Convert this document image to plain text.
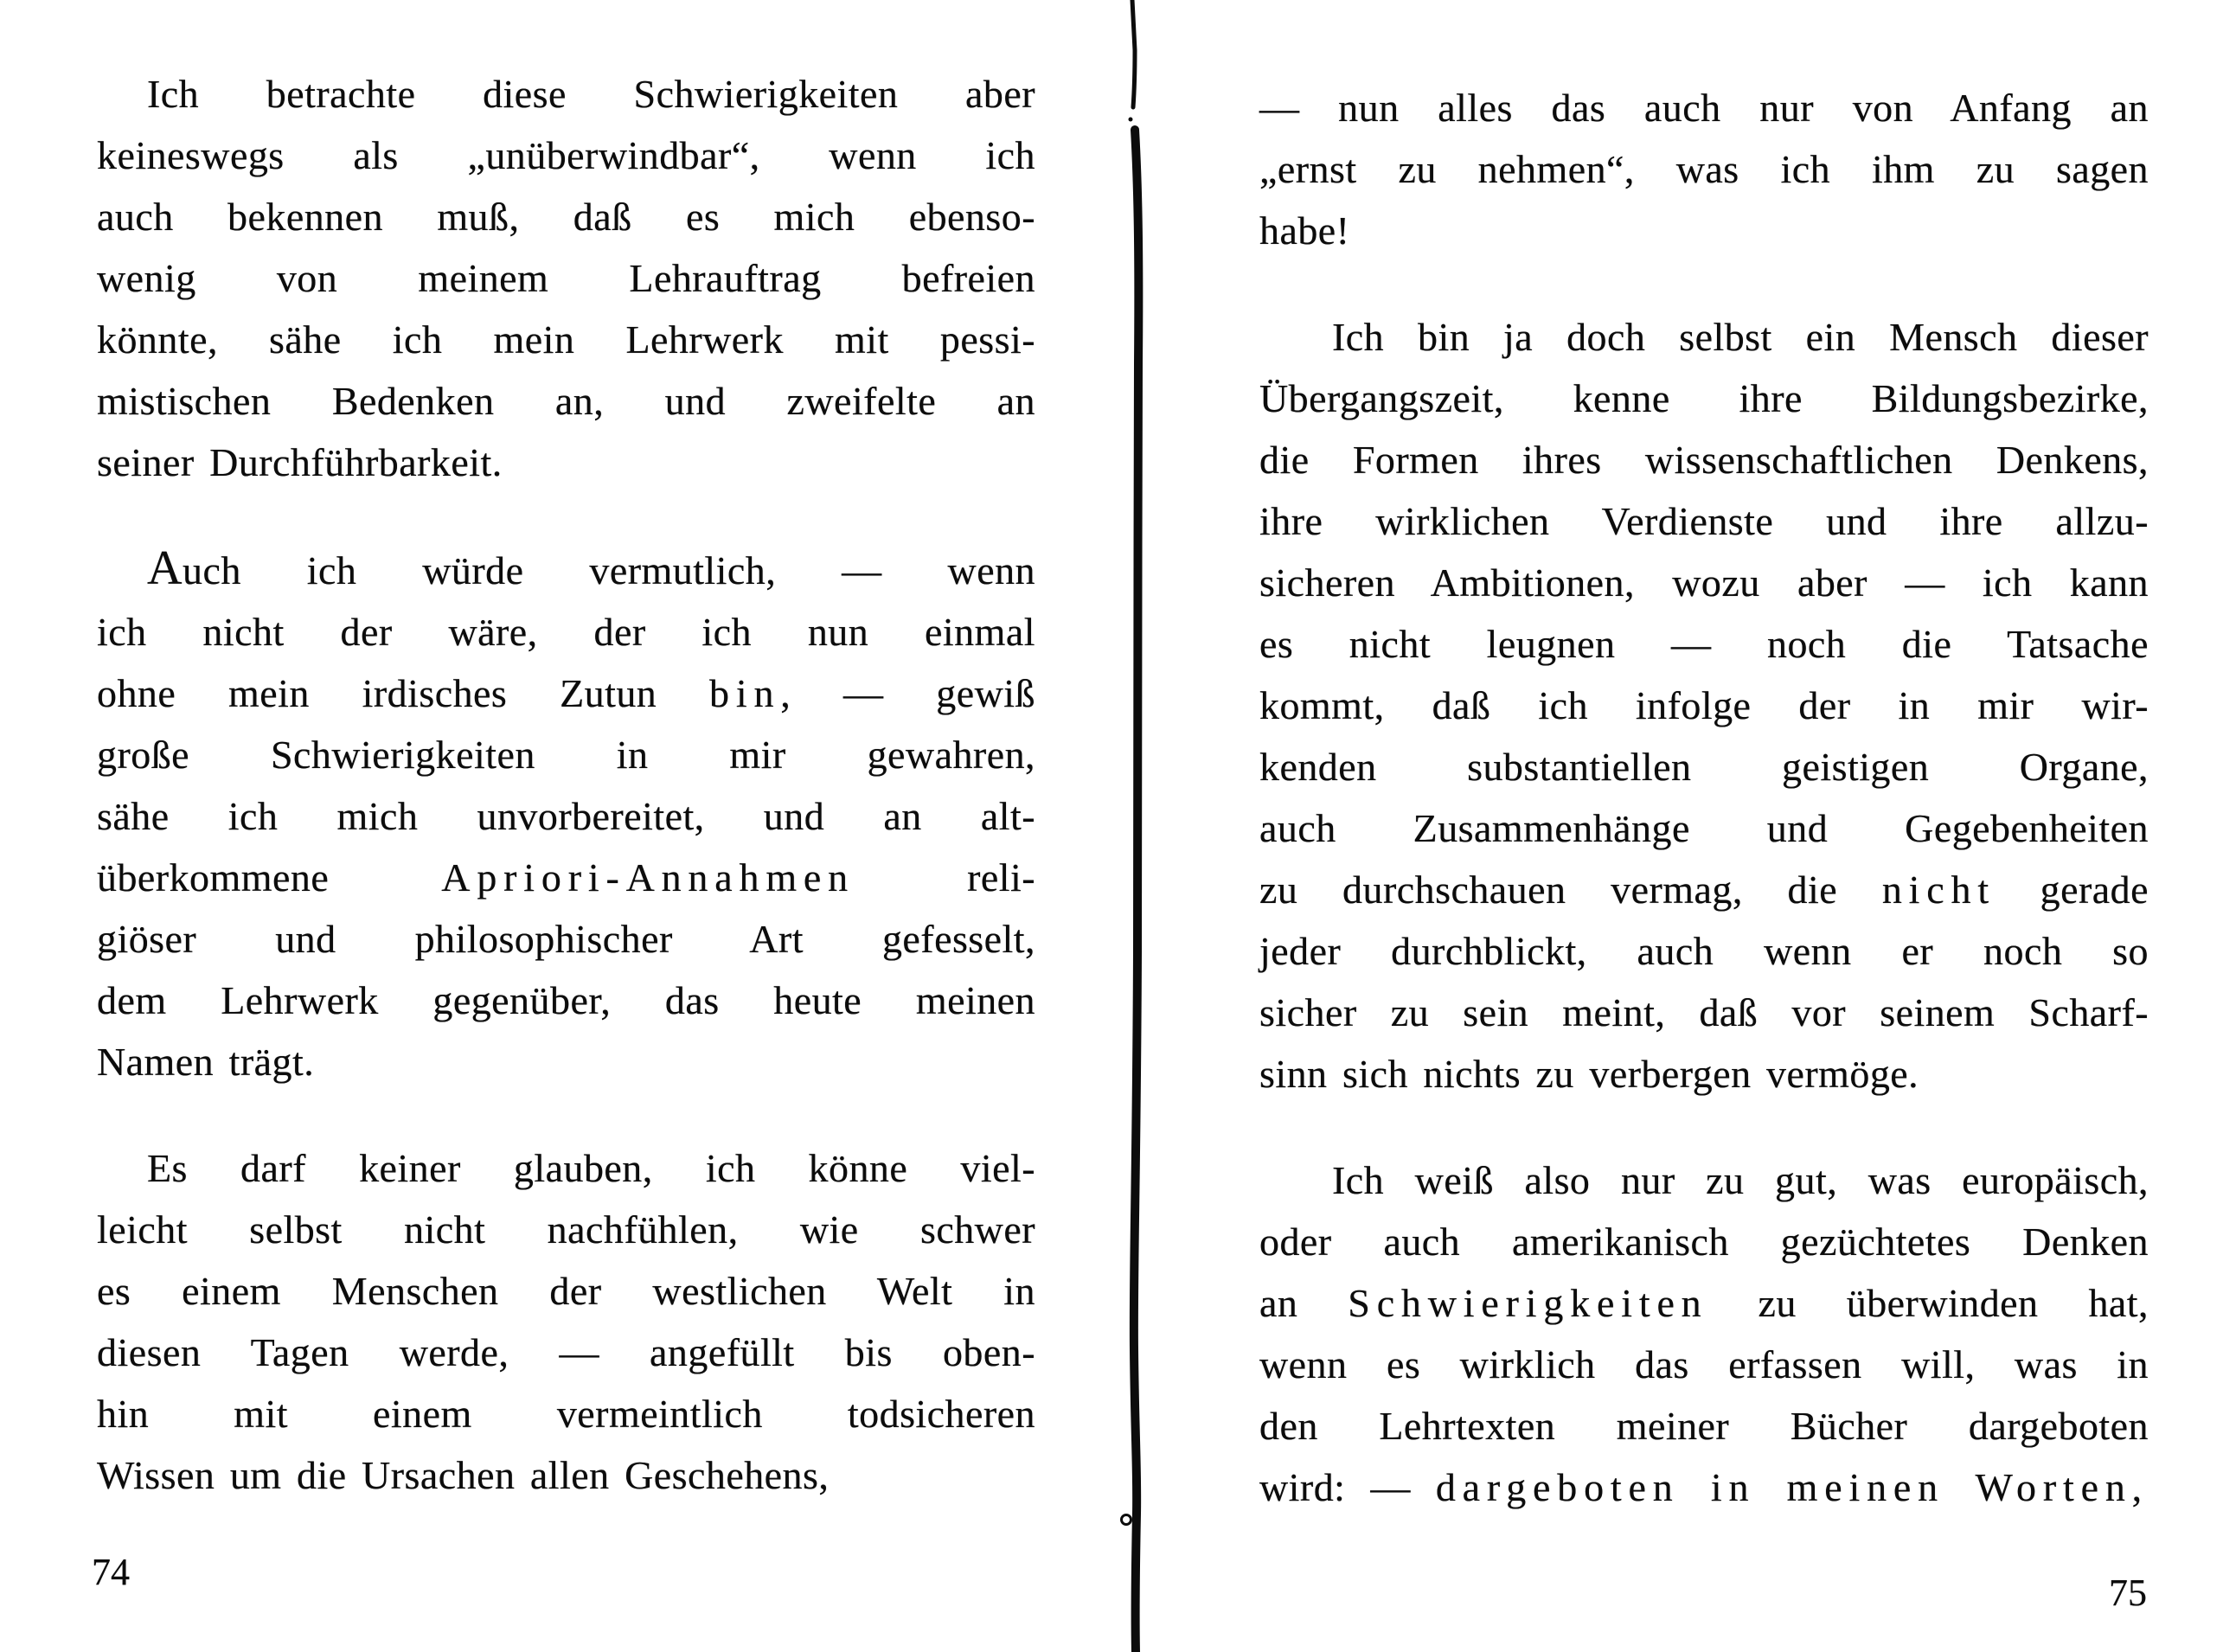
Ich betrachte diese Schwierigkeiten aber
keineswegs als „unüberwindbar“, wenn ich
auch bekennen muß, daß es mich ebenso-
wenig von meinem Lehrauftrag befreien
könnte, sähe ich mein Lehrwerk mit pessi-
mistischen Bedenken an, und zweifelte an
seiner Durchführbarkeit.
Auch ich würde vermutlich, — wenn
ich nicht der wäre, der ich nun einmal
ohne mein irdisches Zutun bin, — gewiß
große Schwierigkeiten in mir gewahren,
sähe ich mich unvorbereitet, und an alt-
überkommene Apriori-Annahmen reli-
giöser und philosophischer Art gefesselt,
dem Lehrwerk gegenüber, das heute meinen
Namen trägt.
Es darf keiner glauben, ich könne viel-
leicht selbst nicht nachfühlen, wie schwer
es einem Menschen der westlichen Welt in
diesen Tagen werde, — angefüllt bis oben-
hin mit einem vermeintlich todsicheren
Wissen um die Ursachen allen Geschehens,
74
— nun alles das auch nur von Anfang an
„ernst zu nehmen“, was ich ihm zu sagen
habe!
Ich bin ja doch selbst ein Mensch dieser
Übergangszeit, kenne ihre Bildungsbezirke,
die Formen ihres wissenschaftlichen Denkens,
ihre wirklichen Verdienste und ihre allzu-
sicheren Ambitionen, wozu aber — ich kann
es nicht leugnen — noch die Tatsache
kommt, daß ich infolge der in mir wir-
kenden substantiellen geistigen Organe,
auch Zusammenhänge und Gegebenheiten
zu durchschauen vermag, die nicht gerade
jeder durchblickt, auch wenn er noch so
sicher zu sein meint, daß vor seinem Scharf-
sinn sich nichts zu verbergen vermöge.
Ich weiß also nur zu gut, was europäisch,
oder auch amerikanisch gezüchtetes Denken
an Schwierigkeiten zu überwinden hat,
wenn es wirklich das erfassen will, was in
den Lehrtexten meiner Bücher dargeboten
wird: — dargeboten in meinen Worten,
75
